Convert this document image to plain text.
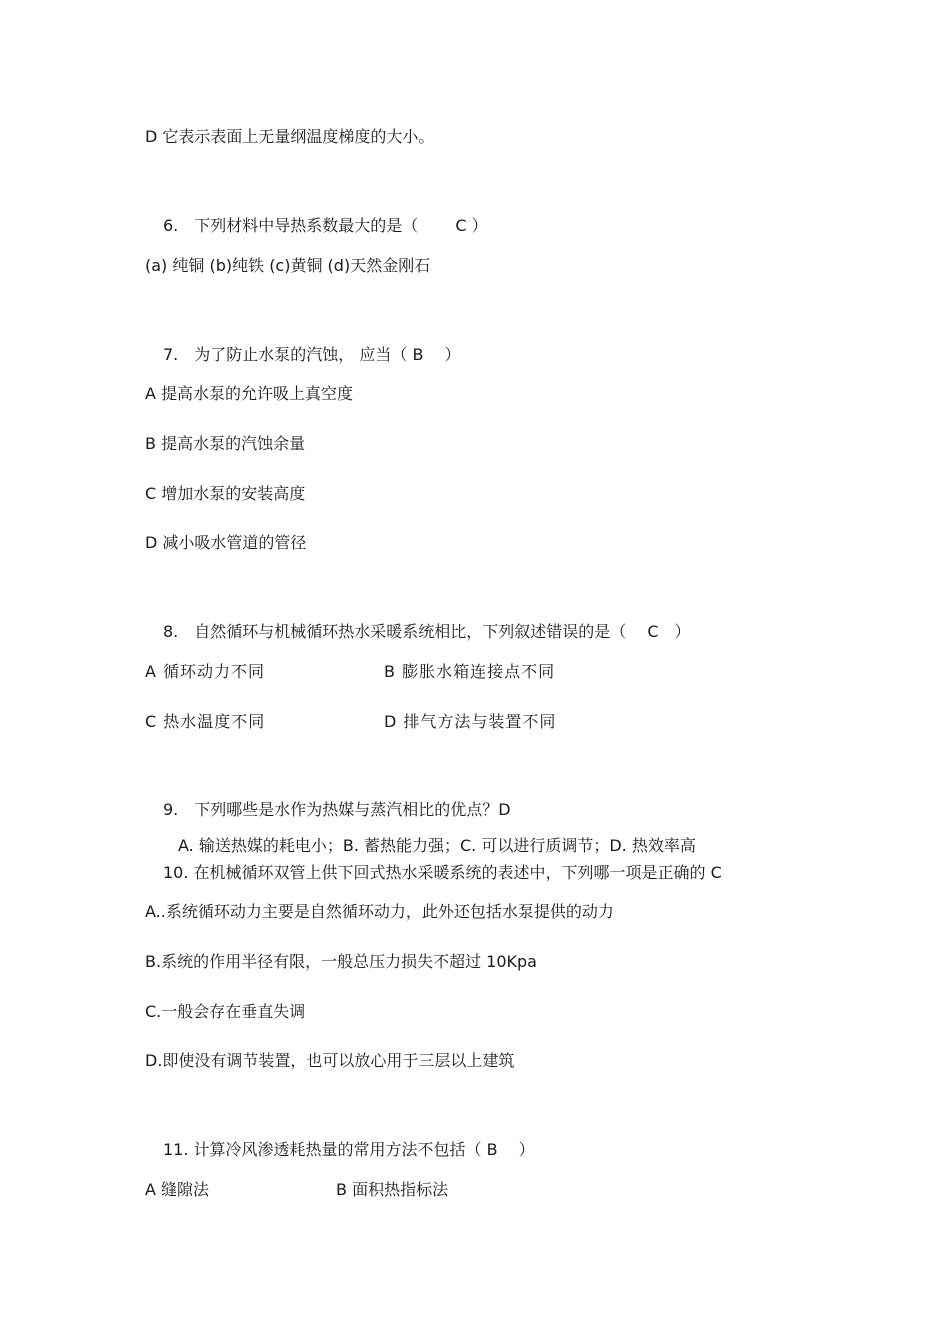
D 它表示表面上无量纲温度梯度的大小。
6.　下列材料中导热系数最大的是（　　 C ）
(a) 纯铜 (b)纯铁 (c)黄铜 (d)天然金刚石
7.　为了防止水泵的汽蚀， 应当（ B　 ）
A 提高水泵的允许吸上真空度
B 提高水泵的汽蚀余量
C 增加水泵的安装高度
D 减小吸水管道的管径
8.　自然循环与机械循环热水采暖系统相比，下列叙述错误的是（　 C　）
A 循环动力不同	B 膨胀水箱连接点不同
C 热水温度不同	D 排气方法与装置不同
9.　下列哪些是水作为热媒与蒸汽相比的优点？D
A. 输送热媒的耗电小；B. 蓄热能力强；C. 可以进行质调节；D. 热效率高
10. 在机械循环双管上供下回式热水采暖系统的表述中，下列哪一项是正确的 C
A..系统循环动力主要是自然循环动力，此外还包括水泵提供的动力
B.系统的作用半径有限，一般总压力损失不超过 10Kpa
C.一般会存在垂直失调
D.即使没有调节装置，也可以放心用于三层以上建筑
11. 计算冷风渗透耗热量的常用方法不包括（ B　 ）
A 缝隙法	B 面积热指标法
